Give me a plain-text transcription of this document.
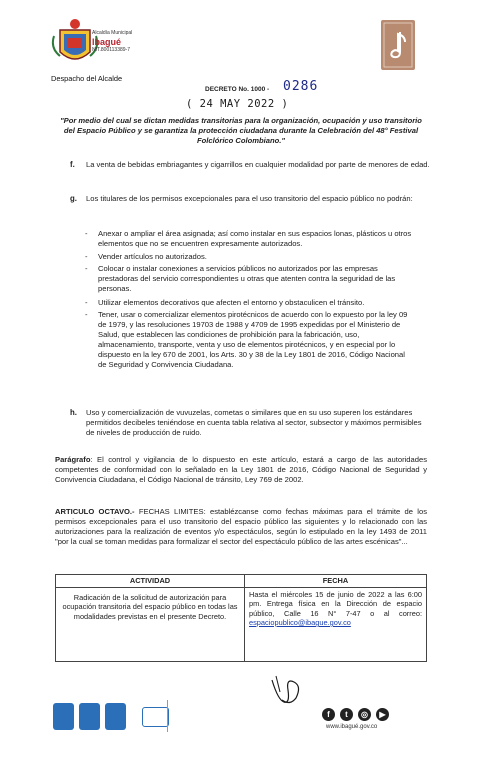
Alcaldía Municipal
Ibagué
NIT.800113389-7
Despacho del Alcalde
DECRETO No. 1000 - 0286
( 24 MAY 2022 )
"Por medio del cual se dictan medidas transitorias para la organización, ocupación y uso transitorio del Espacio Público y se garantiza la protección ciudadana durante la Celebración del 48° Festival Folclórico Colombiano."
f. La venta de bebidas embriagantes y cigarrillos en cualquier modalidad por parte de menores de edad.
g. Los titulares de los permisos excepcionales para el uso transitorio del espacio público no podrán:
- Anexar o ampliar el área asignada; así como instalar en sus espacios lonas, plásticos u otros elementos que no se encuentren expresamente autorizados.
- Vender artículos no autorizados.
- Colocar o instalar conexiones a servicios públicos no autorizados por las empresas prestadoras del servicio correspondientes u otras que atenten contra la seguridad de las personas.
- Utilizar elementos decorativos que afecten el entorno y obstaculicen el tránsito.
- Tener, usar o comercializar elementos pirotécnicos de acuerdo con lo expuesto por la ley 09 de 1979, y las resoluciones 19703 de 1988 y 4709 de 1995 expedidas por el Ministerio de Salud, que establecen las condiciones de prohibición para la fabricación, uso, almacenamiento, transporte, venta y uso de elementos pirotécnicos, y en especial por lo dispuesto en la ley 670 de 2001, los Arts. 30 y 38 de la Ley 1801 de 2016, Código Nacional de Seguridad y Convivencia Ciudadana.
h. Uso y comercialización de vuvuzelas, cometas o similares que en su uso superen los estándares permitidos decibeles teniéndose en cuenta tabla relativa al sector, subsector y máximos permisibles de niveles de producción de ruido.
Parágrafo: El control y vigilancia de lo dispuesto en este artículo, estará a cargo de las autoridades competentes de conformidad con lo señalado en la Ley 1801 de 2016, Código Nacional de Seguridad y Convivencia Ciudadana, el Código Nacional de tránsito, Ley 769 de 2002.
ARTICULO OCTAVO.- FECHAS LIMITES: establézcanse como fechas máximas para el trámite de los permisos excepcionales para el uso transitorio del espacio público las siguientes y lo relacionado con las autorizaciones para la realización de eventos y/o espectáculos, según lo estipulado en la ley 1493 de 2011 "por la cual se toman medidas para formalizar el sector del espectáculo público de las artes escénicas"...
ACTIVIDAD	FECHA
Radicación de la solicitud de autorización para ocupación transitoria del espacio público en todas las modalidades previstas en el presente Decreto.	Hasta el miércoles 15 de junio de 2022 a las 6:00 pm. Entrega física en la Dirección de espacio público, Calle 16 N° 7-47 o al correo: espaciopublico@ibague.gov.co
f	t	◎	▶
www.ibagué.gov.co
